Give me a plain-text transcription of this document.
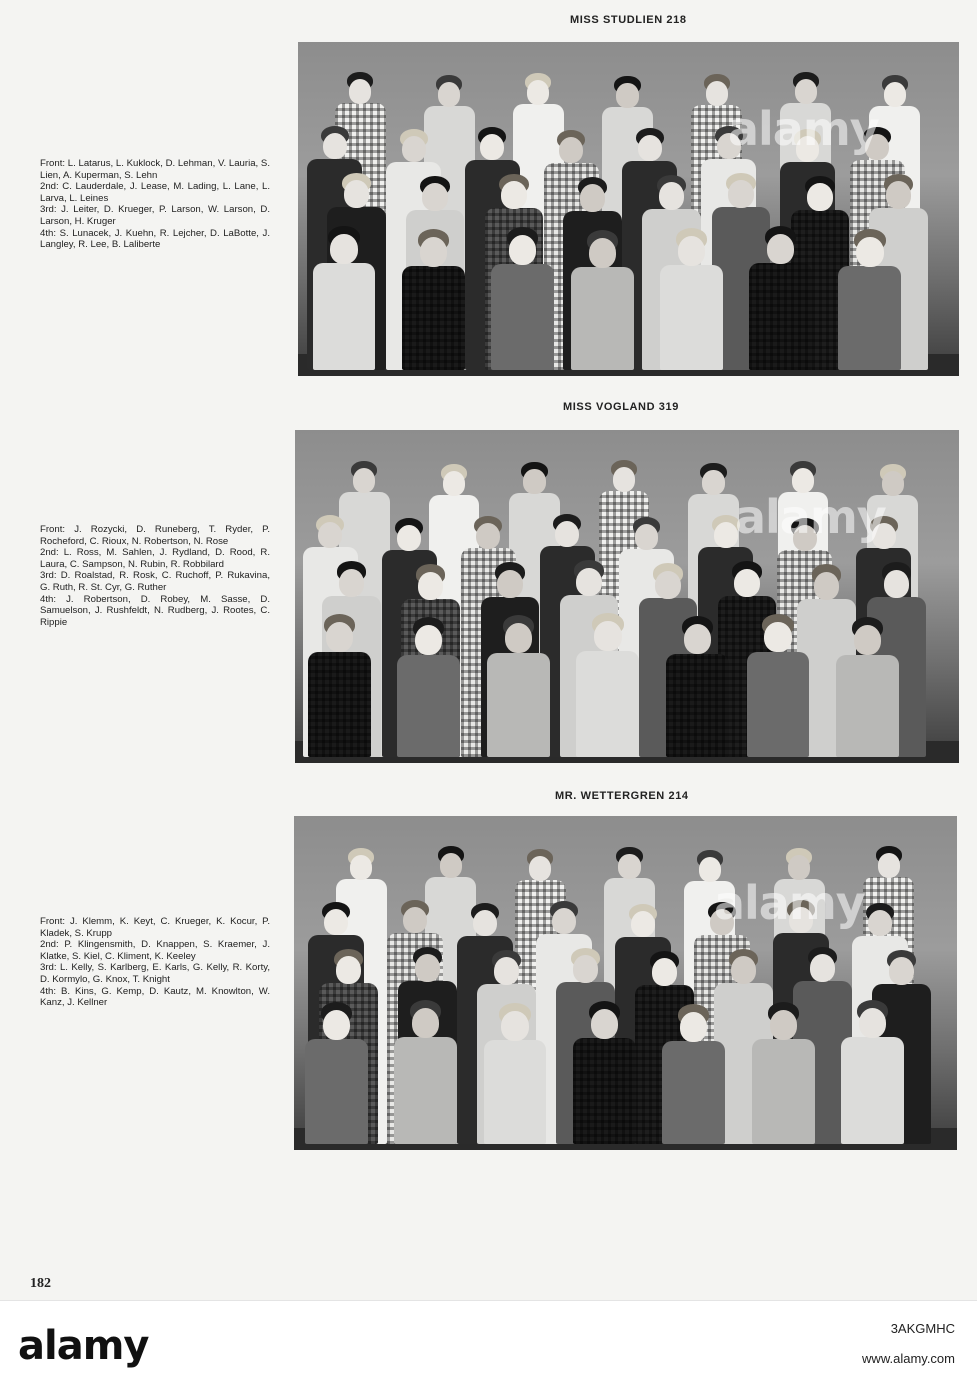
MISS STUDLIEN 218

Front: L. Latarus, L. Kuklock, D. Lehman, V. Lauria, S. Lien, A. Kuperman, S. Lehn

2nd: C. Lauderdale, J. Lease, M. Lading, L. Lane, L. Larva, L. Leines

3rd: J. Leiter, D. Krueger, P. Larson, W. Larson, D. Larson, H. Kruger

4th: S. Lunacek, J. Kuehn, R. Lejcher, D. LaBotte, J. Langley, R. Lee, B. Laliberte

alamy
MISS VOGLAND 319

Front: J. Rozycki, D. Runeberg, T. Ryder, P. Rocheford, C. Rioux, N. Robertson, N. Rose

2nd: L. Ross, M. Sahlen, J. Rydland, D. Rood, R. Laura, C. Sampson, N. Rubin, R. Robbilard

3rd: D. Roalstad, R. Rosk, C. Ruchoff, P. Rukavina, G. Ruth, R. St. Cyr, G. Ruther

4th: J. Robertson, D. Robey, M. Sasse, D. Samuelson, J. Rushfeldt, N. Rudberg, J. Rootes, C. Rippie

alamy
MR. WETTERGREN 214

Front: J. Klemm, K. Keyt, C. Krueger, K. Kocur, P. Kladek, S. Krupp

2nd: P. Klingensmith, D. Knappen, S. Kraemer, J. Klatke, S. Kiel, C. Kliment, K. Keeley

3rd: L. Kelly, S. Karlberg, E. Karls, G. Kelly, R. Korty, D. Kormylo, G. Knox, T. Knight

4th: B. Kins, G. Kemp, D. Kautz, M. Knowlton, W. Kanz, J. Kellner

alamy
182
alamy	3AKGMHC
www.alamy.com
